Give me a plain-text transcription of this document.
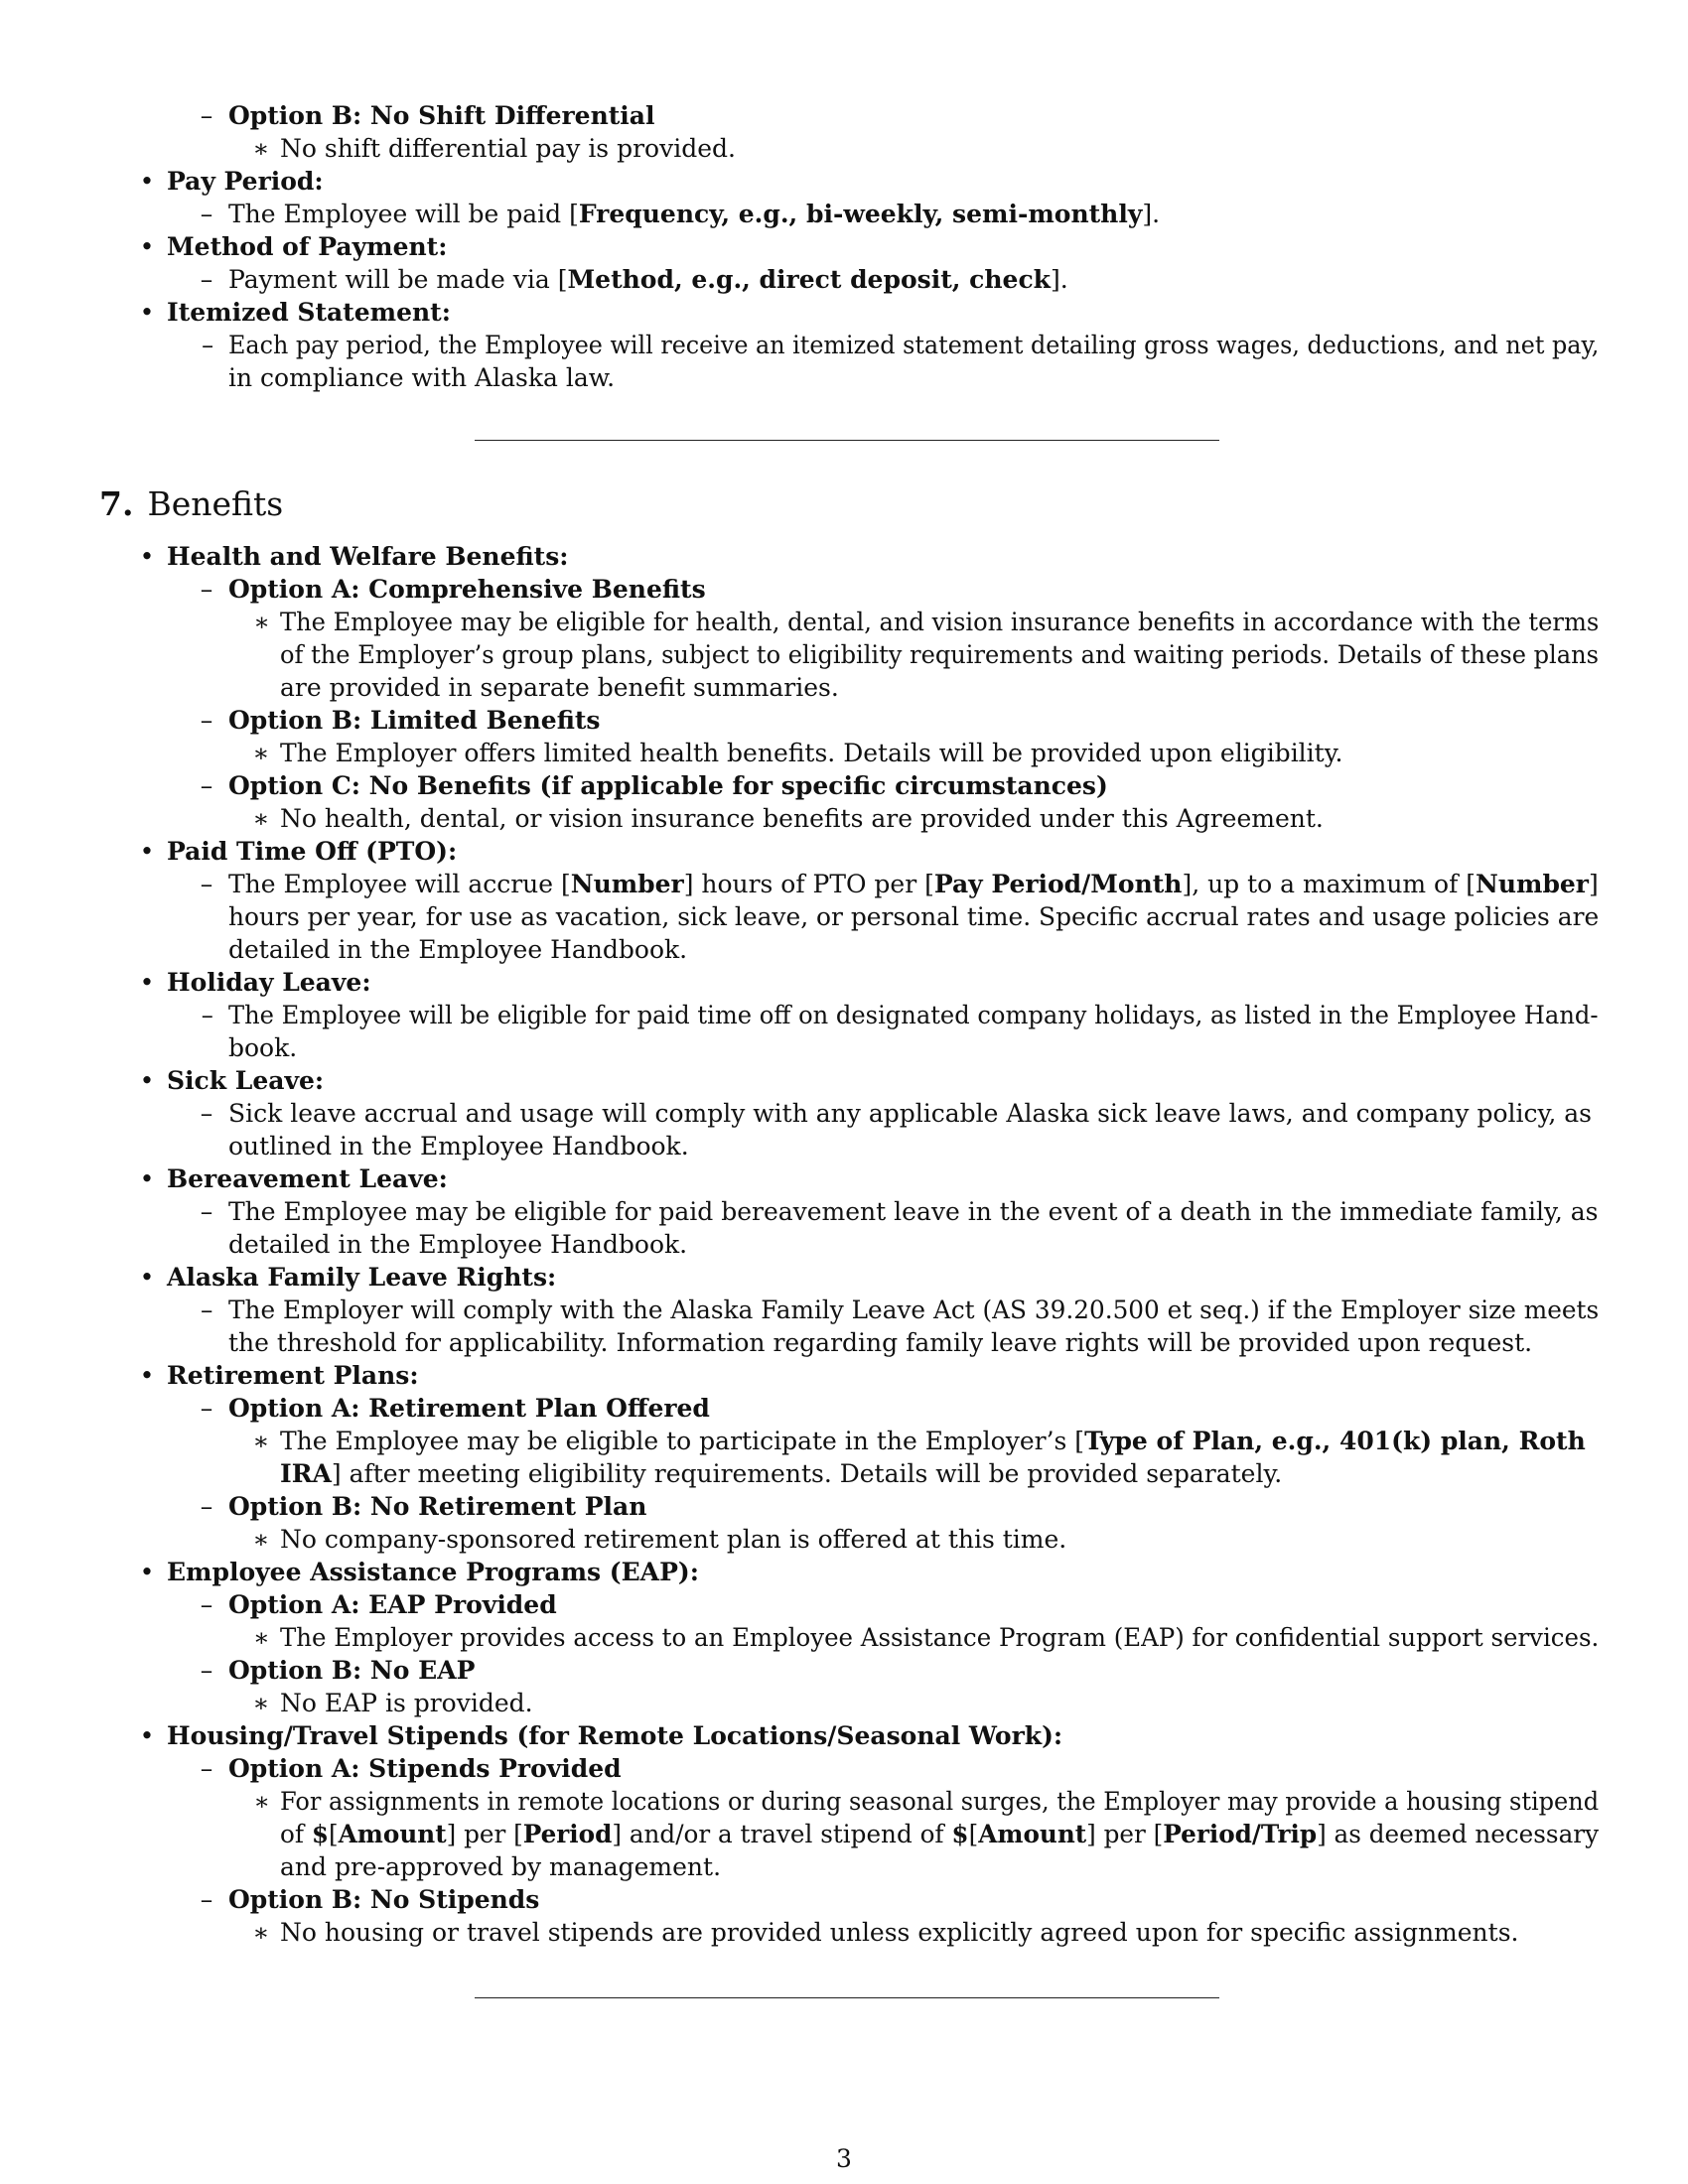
– Option B: No Shift Differential
∗ No shift differential pay is provided.
• Pay Period:
– The Employee will be paid [Frequency, e.g., bi-weekly, semi-monthly].
• Method of Payment:
– Payment will be made via [Method, e.g., direct deposit, check].
• Itemized Statement:
– Each pay period, the Employee will receive an itemized statement detailing gross wages, deductions, and net pay,
in compliance with Alaska law.
7. Benefits
• Health and Welfare Benefits:
– Option A: Comprehensive Benefits
∗ The Employee may be eligible for health, dental, and vision insurance benefits in accordance with the terms
of the Employer’s group plans, subject to eligibility requirements and waiting periods. Details of these plans
are provided in separate benefit summaries.
– Option B: Limited Benefits
∗ The Employer offers limited health benefits. Details will be provided upon eligibility.
– Option C: No Benefits (if applicable for specific circumstances)
∗ No health, dental, or vision insurance benefits are provided under this Agreement.
• Paid Time Off (PTO):
– The Employee will accrue [Number] hours of PTO per [Pay Period/Month], up to a maximum of [Number]
hours per year, for use as vacation, sick leave, or personal time. Specific accrual rates and usage policies are
detailed in the Employee Handbook.
• Holiday Leave:
– The Employee will be eligible for paid time off on designated company holidays, as listed in the Employee Hand-
book.
• Sick Leave:
– Sick leave accrual and usage will comply with any applicable Alaska sick leave laws, and company policy, as
outlined in the Employee Handbook.
• Bereavement Leave:
– The Employee may be eligible for paid bereavement leave in the event of a death in the immediate family, as
detailed in the Employee Handbook.
• Alaska Family Leave Rights:
– The Employer will comply with the Alaska Family Leave Act (AS 39.20.500 et seq.) if the Employer size meets
the threshold for applicability. Information regarding family leave rights will be provided upon request.
• Retirement Plans:
– Option A: Retirement Plan Offered
∗ The Employee may be eligible to participate in the Employer’s [Type of Plan, e.g., 401(k) plan, Roth
IRA] after meeting eligibility requirements. Details will be provided separately.
– Option B: No Retirement Plan
∗ No company-sponsored retirement plan is offered at this time.
• Employee Assistance Programs (EAP):
– Option A: EAP Provided
∗ The Employer provides access to an Employee Assistance Program (EAP) for confidential support services.
– Option B: No EAP
∗ No EAP is provided.
• Housing/Travel Stipends (for Remote Locations/Seasonal Work):
– Option A: Stipends Provided
∗ For assignments in remote locations or during seasonal surges, the Employer may provide a housing stipend
of $[Amount] per [Period] and/or a travel stipend of $[Amount] per [Period/Trip] as deemed necessary
and pre-approved by management.
– Option B: No Stipends
∗ No housing or travel stipends are provided unless explicitly agreed upon for specific assignments.
3
